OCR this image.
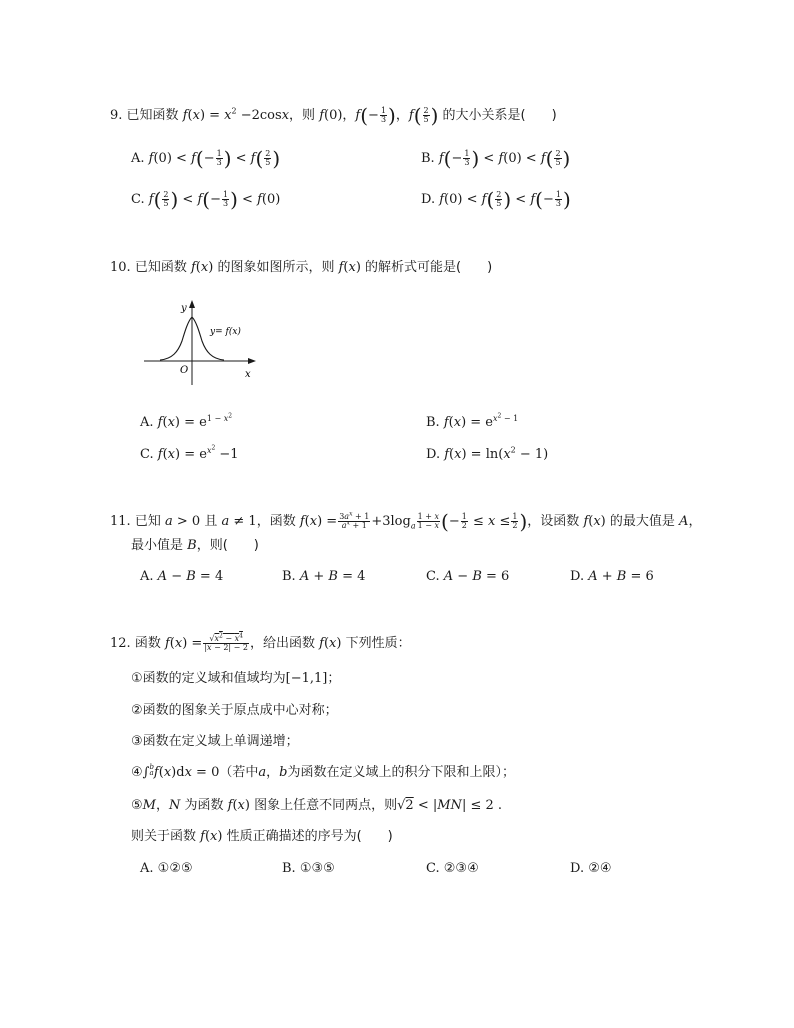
9. 已知函数 $f(x) = x^2 -2\cos x$，则 f(0)，$f(- \frac{1}{3}$ )，$f( \frac{2}{5}$ ) 的大小关系是(　　)
A. $f(0) < f(- \frac{1}{3}$ ) < $f( \frac{2}{5}$ )	B. $f(- \frac{1}{3}$ ) < $f(0) < f( \frac{2}{5}$ )
C. $f( \frac{2}{5}$ ) < $f(- \frac{1}{3}$ ) < f(0)	D. $f(0) < f( \frac{2}{5}$ ) < $f(- \frac{1}{3}$ )
10. 已知函数 f(x) 的图象如图所示，则 f(x) 的解析式可能是(　　)
y
x
O
y= f(x)
A. $f(x) = e^{1 - x^2}$	B. $f(x) = e^{x^2 - 1}$
C. $f(x) = e^{x^2} -1$	D. $f(x) = \ln(x^2 - 1)$
11. 已知 a > 0 且 a ≠ 1，函数 $f(x) = \frac{3a^x + 1}{a^x + 1} +3\log_a \frac{1 + x}{1 - x}$ (− $\frac{1}{2} \le x \le \frac{1}{2}$ )，设函数 f(x) 的最大值是 A，
最小值是 B，则(　　)
A. A − B = 4	B. A + B = 4	C. A − B = 6	D. A + B = 6
12. 函数 $f(x) = \frac{√x^2 - x^4}{|x - 2| - 2}$ ，给出函数 f(x) 下列性质：
①函数的定义域和值域均为[−1,1]；
②函数的图象关于原点成中心对称；
③函数在定义域上单调递增；
④∫b
af(x)dx = 0（若中a，b为函数在定义域上的积分下限和上限）；
⑤M，N 为函数 f(x) 图象上任意不同两点，则√2 < |MN| ≤ 2 .
则关于函数 f(x) 性质正确描述的序号为(　　)
A. ①②⑤	B. ①③⑤	C. ②③④	D. ②④
